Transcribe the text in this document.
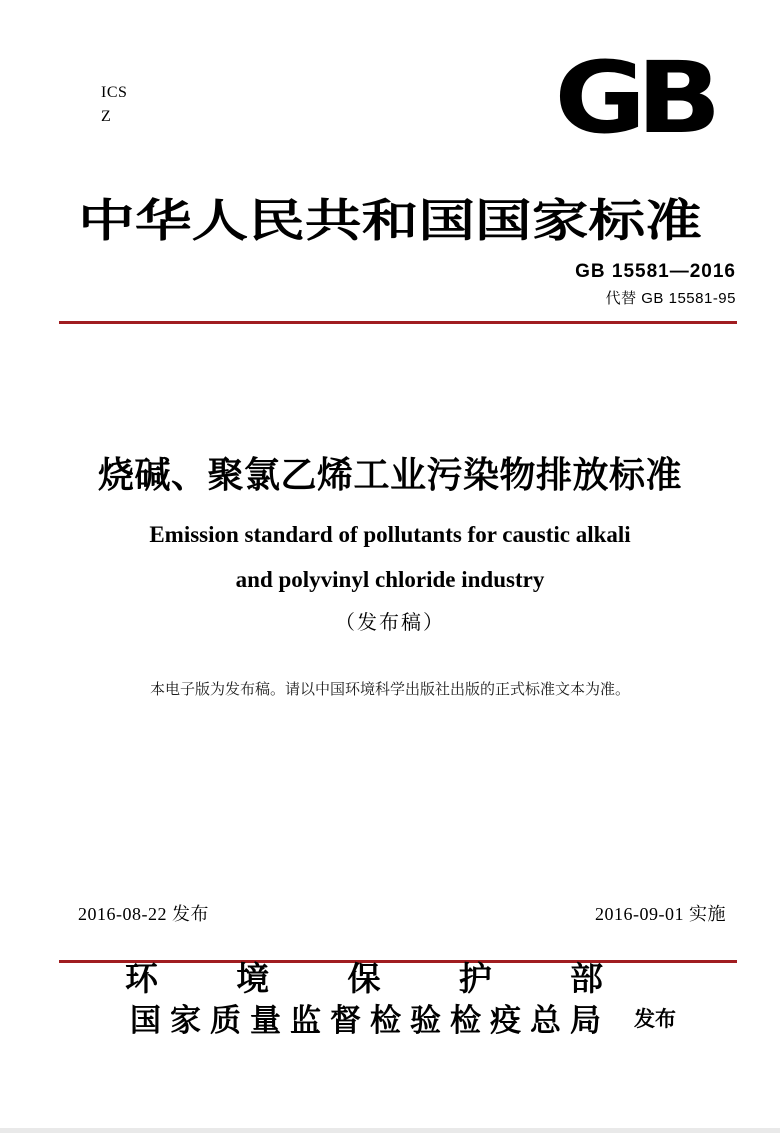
ICS
Z	GB
中华人民共和国国家标准
GB 15581—2016
代替 GB 15581-95
烧碱、聚氯乙烯工业污染物排放标准
Emission standard of pollutants for caustic alkali
and polyvinyl chloride industry
（发布稿）
本电子版为发布稿。请以中国环境科学出版社出版的正式标准文本为准。
2016-08-22 发布	2016-09-01 实施
环 境 保 护 部
国家质量监督检验检疫总局 发布
